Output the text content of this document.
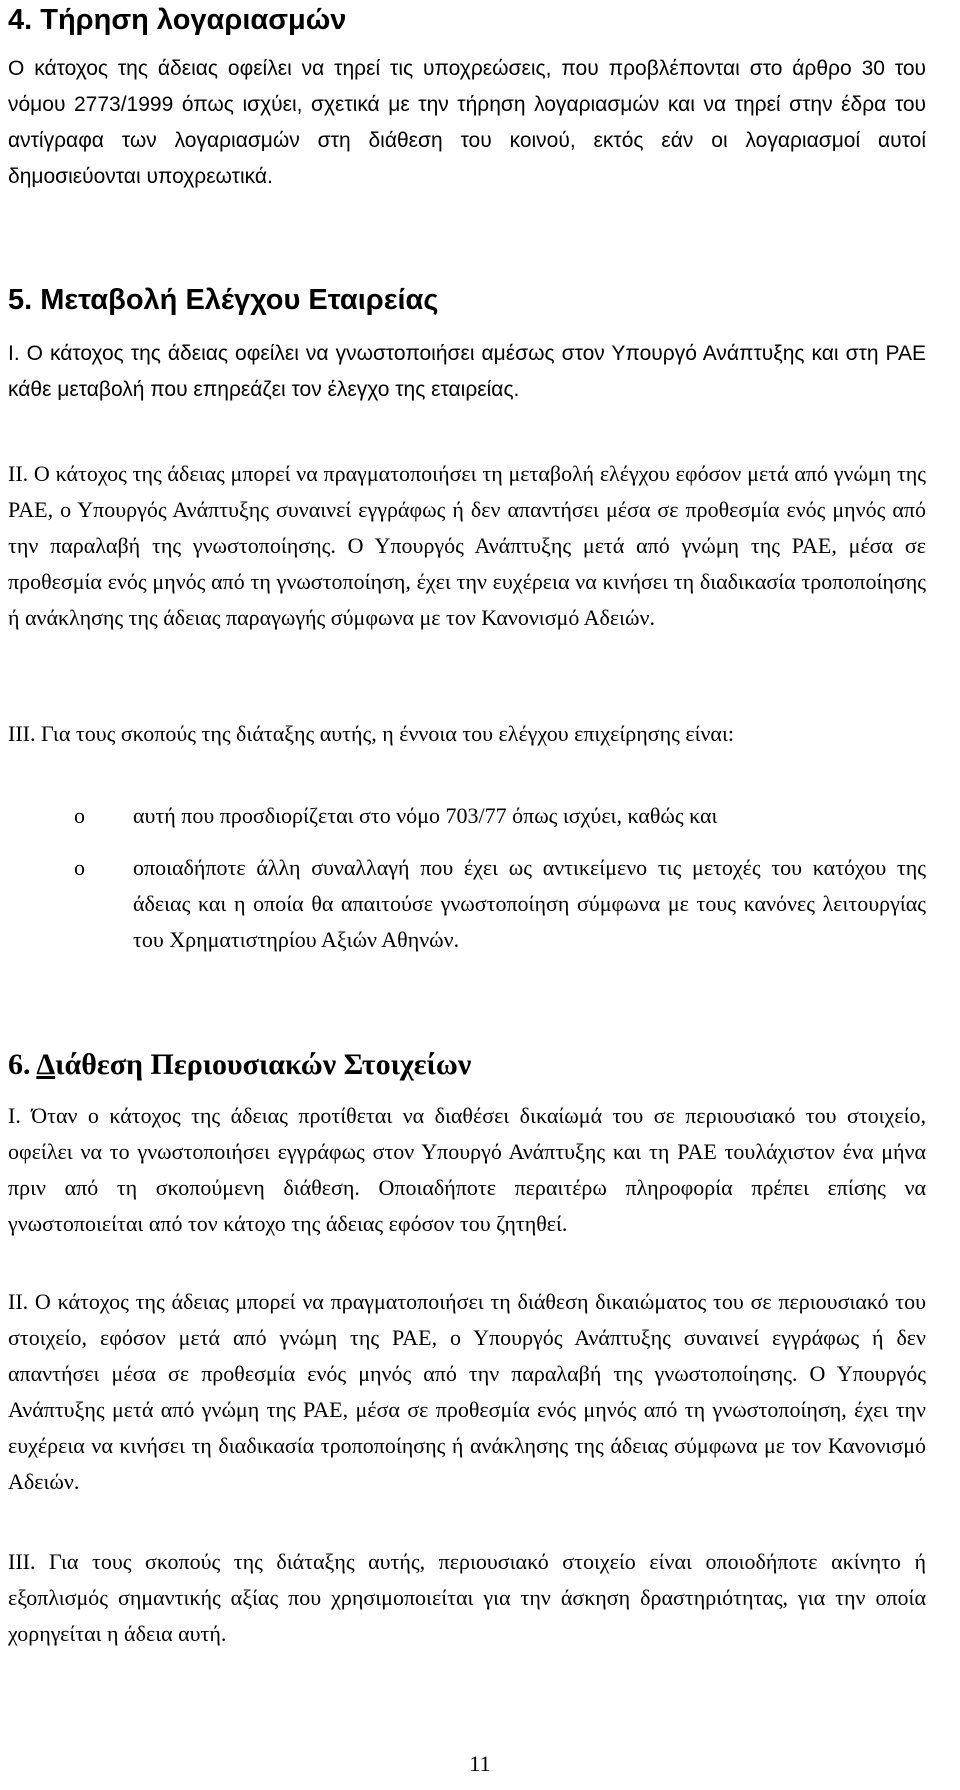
4. Τήρηση λογαριασμών

Ο κάτοχος της άδειας οφείλει να τηρεί τις υποχρεώσεις, που προβλέπονται στο άρθρο 30 του νόμου 2773/1999 όπως ισχύει, σχετικά με την τήρηση λογαριασμών και να τηρεί στην έδρα του αντίγραφα των λογαριασμών στη διάθεση του κοινού, εκτός εάν οι λογαριασμοί αυτοί δημοσιεύονται υποχρεωτικά.

5. Μεταβολή Ελέγχου Εταιρείας

Ι. Ο κάτοχος της άδειας οφείλει να γνωστοποιήσει αμέσως στον Υπουργό Ανάπτυξης και στη ΡΑΕ κάθε μεταβολή που επηρεάζει τον έλεγχο της εταιρείας.

ΙΙ. Ο κάτοχος της άδειας μπορεί να πραγματοποιήσει τη μεταβολή ελέγχου εφόσον μετά από γνώμη της ΡΑΕ, ο Υπουργός Ανάπτυξης συναινεί εγγράφως ή δεν απαντήσει μέσα σε προθεσμία ενός μηνός από την παραλαβή της γνωστοποίησης. Ο Υπουργός Ανάπτυξης μετά από γνώμη της ΡΑΕ, μέσα σε προθεσμία ενός μηνός από τη γνωστοποίηση, έχει την ευχέρεια να κινήσει τη διαδικασία τροποποίησης ή ανάκλησης της άδειας παραγωγής σύμφωνα με τον Κανονισμό Αδειών.

ΙΙΙ. Για τους σκοπούς της διάταξης αυτής, η έννοια του ελέγχου επιχείρησης είναι:

o αυτή που προσδιορίζεται στο νόμο 703/77 όπως ισχύει, καθώς και
o οποιαδήποτε άλλη συναλλαγή που έχει ως αντικείμενο τις μετοχές του κατόχου της άδειας και η οποία θα απαιτούσε γνωστοποίηση σύμφωνα με τους κανόνες λειτουργίας του Χρηματιστηρίου Αξιών Αθηνών.
6. Διάθεση Περιουσιακών Στοιχείων

Ι. Όταν ο κάτοχος της άδειας προτίθεται να διαθέσει δικαίωμά του σε περιουσιακό του στοιχείο, οφείλει να το γνωστοποιήσει εγγράφως στον Υπουργό Ανάπτυξης και τη ΡΑΕ τουλάχιστον ένα μήνα πριν από τη σκοπούμενη διάθεση. Οποιαδήποτε περαιτέρω πληροφορία πρέπει επίσης να γνωστοποιείται από τον κάτοχο της άδειας εφόσον του ζητηθεί.

ΙΙ. Ο κάτοχος της άδειας μπορεί να πραγματοποιήσει τη διάθεση δικαιώματος του σε περιουσιακό του στοιχείο, εφόσον μετά από γνώμη της ΡΑΕ, ο Υπουργός Ανάπτυξης συναινεί εγγράφως ή δεν απαντήσει μέσα σε προθεσμία ενός μηνός από την παραλαβή της γνωστοποίησης. Ο Υπουργός Ανάπτυξης μετά από γνώμη της ΡΑΕ, μέσα σε προθεσμία ενός μηνός από τη γνωστοποίηση, έχει την ευχέρεια να κινήσει τη διαδικασία τροποποίησης ή ανάκλησης της άδειας σύμφωνα με τον Κανονισμό Αδειών.

ΙΙΙ. Για τους σκοπούς της διάταξης αυτής, περιουσιακό στοιχείο είναι οποιοδήποτε ακίνητο ή εξοπλισμός σημαντικής αξίας που χρησιμοποιείται για την άσκηση δραστηριότητας, για την οποία χορηγείται η άδεια αυτή.

11
